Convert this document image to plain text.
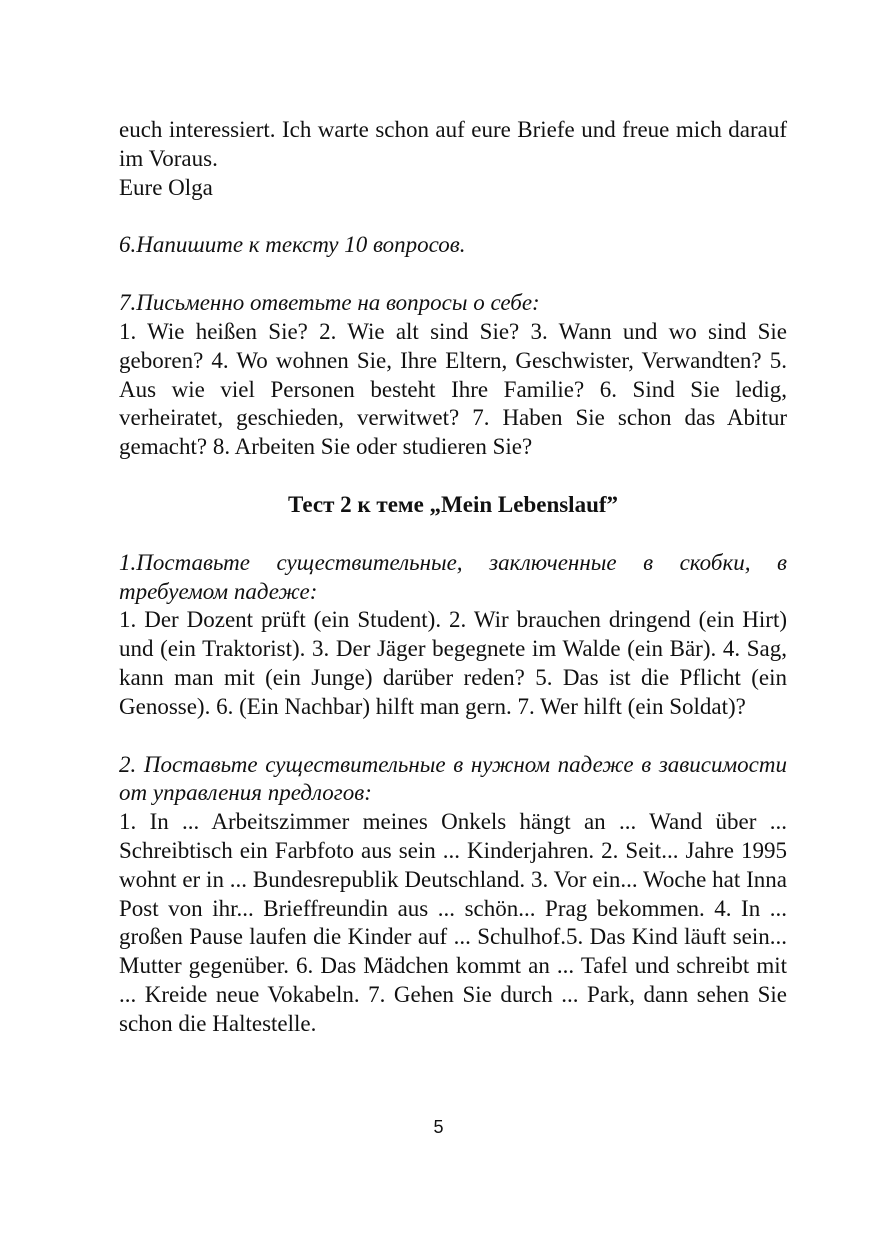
euch interessiert. Ich warte schon auf eure Briefe und freue mich darauf im Voraus.

Eure Olga

6.Напишите к тексту 10 вопросов.

7.Письменно ответьте на вопросы о себе:

1. Wie heißen Sie? 2. Wie alt sind Sie? 3. Wann und wo sind Sie geboren? 4. Wo wohnen Sie, Ihre Eltern, Geschwister, Verwandten? 5. Aus wie viel Personen besteht Ihre Familie? 6. Sind Sie ledig, verheiratet, geschieden, verwitwet? 7. Haben Sie schon das Abitur gemacht? 8. Arbeiten Sie oder studieren Sie?

Тест 2 к теме „Mein Lebenslauf”

1.Поставьте существительные, заключенные в скобки, в требуемом падеже:

1. Der Dozent prüft (ein Student). 2. Wir brauchen dringend (ein Hirt) und (ein Traktorist). 3. Der Jäger begegnete im Walde (ein Bär). 4. Sag, kann man mit (ein Junge) darüber reden? 5. Das ist die Pflicht (ein Genosse). 6. (Ein Nachbar) hilft man gern. 7. Wer hilft (ein Soldat)?

2. Поставьте существительные в нужном падеже в зависимости от управления предлогов:

1. In ... Arbeitszimmer meines Onkels hängt an ... Wand über ... Schreibtisch ein Farbfoto aus sein ... Kinderjahren. 2. Seit... Jahre 1995 wohnt er in ... Bundesrepublik Deutschland. 3. Vor ein... Woche hat Inna Post von ihr... Brieffreundin aus ... schön... Prag bekommen. 4. In ... großen Pause laufen die Kinder auf ... Schulhof.5. Das Kind läuft sein... Mutter gegenüber. 6. Das Mädchen kommt an ... Tafel und schreibt mit ... Kreide neue Vokabeln. 7. Gehen Sie durch ... Park, dann sehen Sie schon die Haltestelle.

5
